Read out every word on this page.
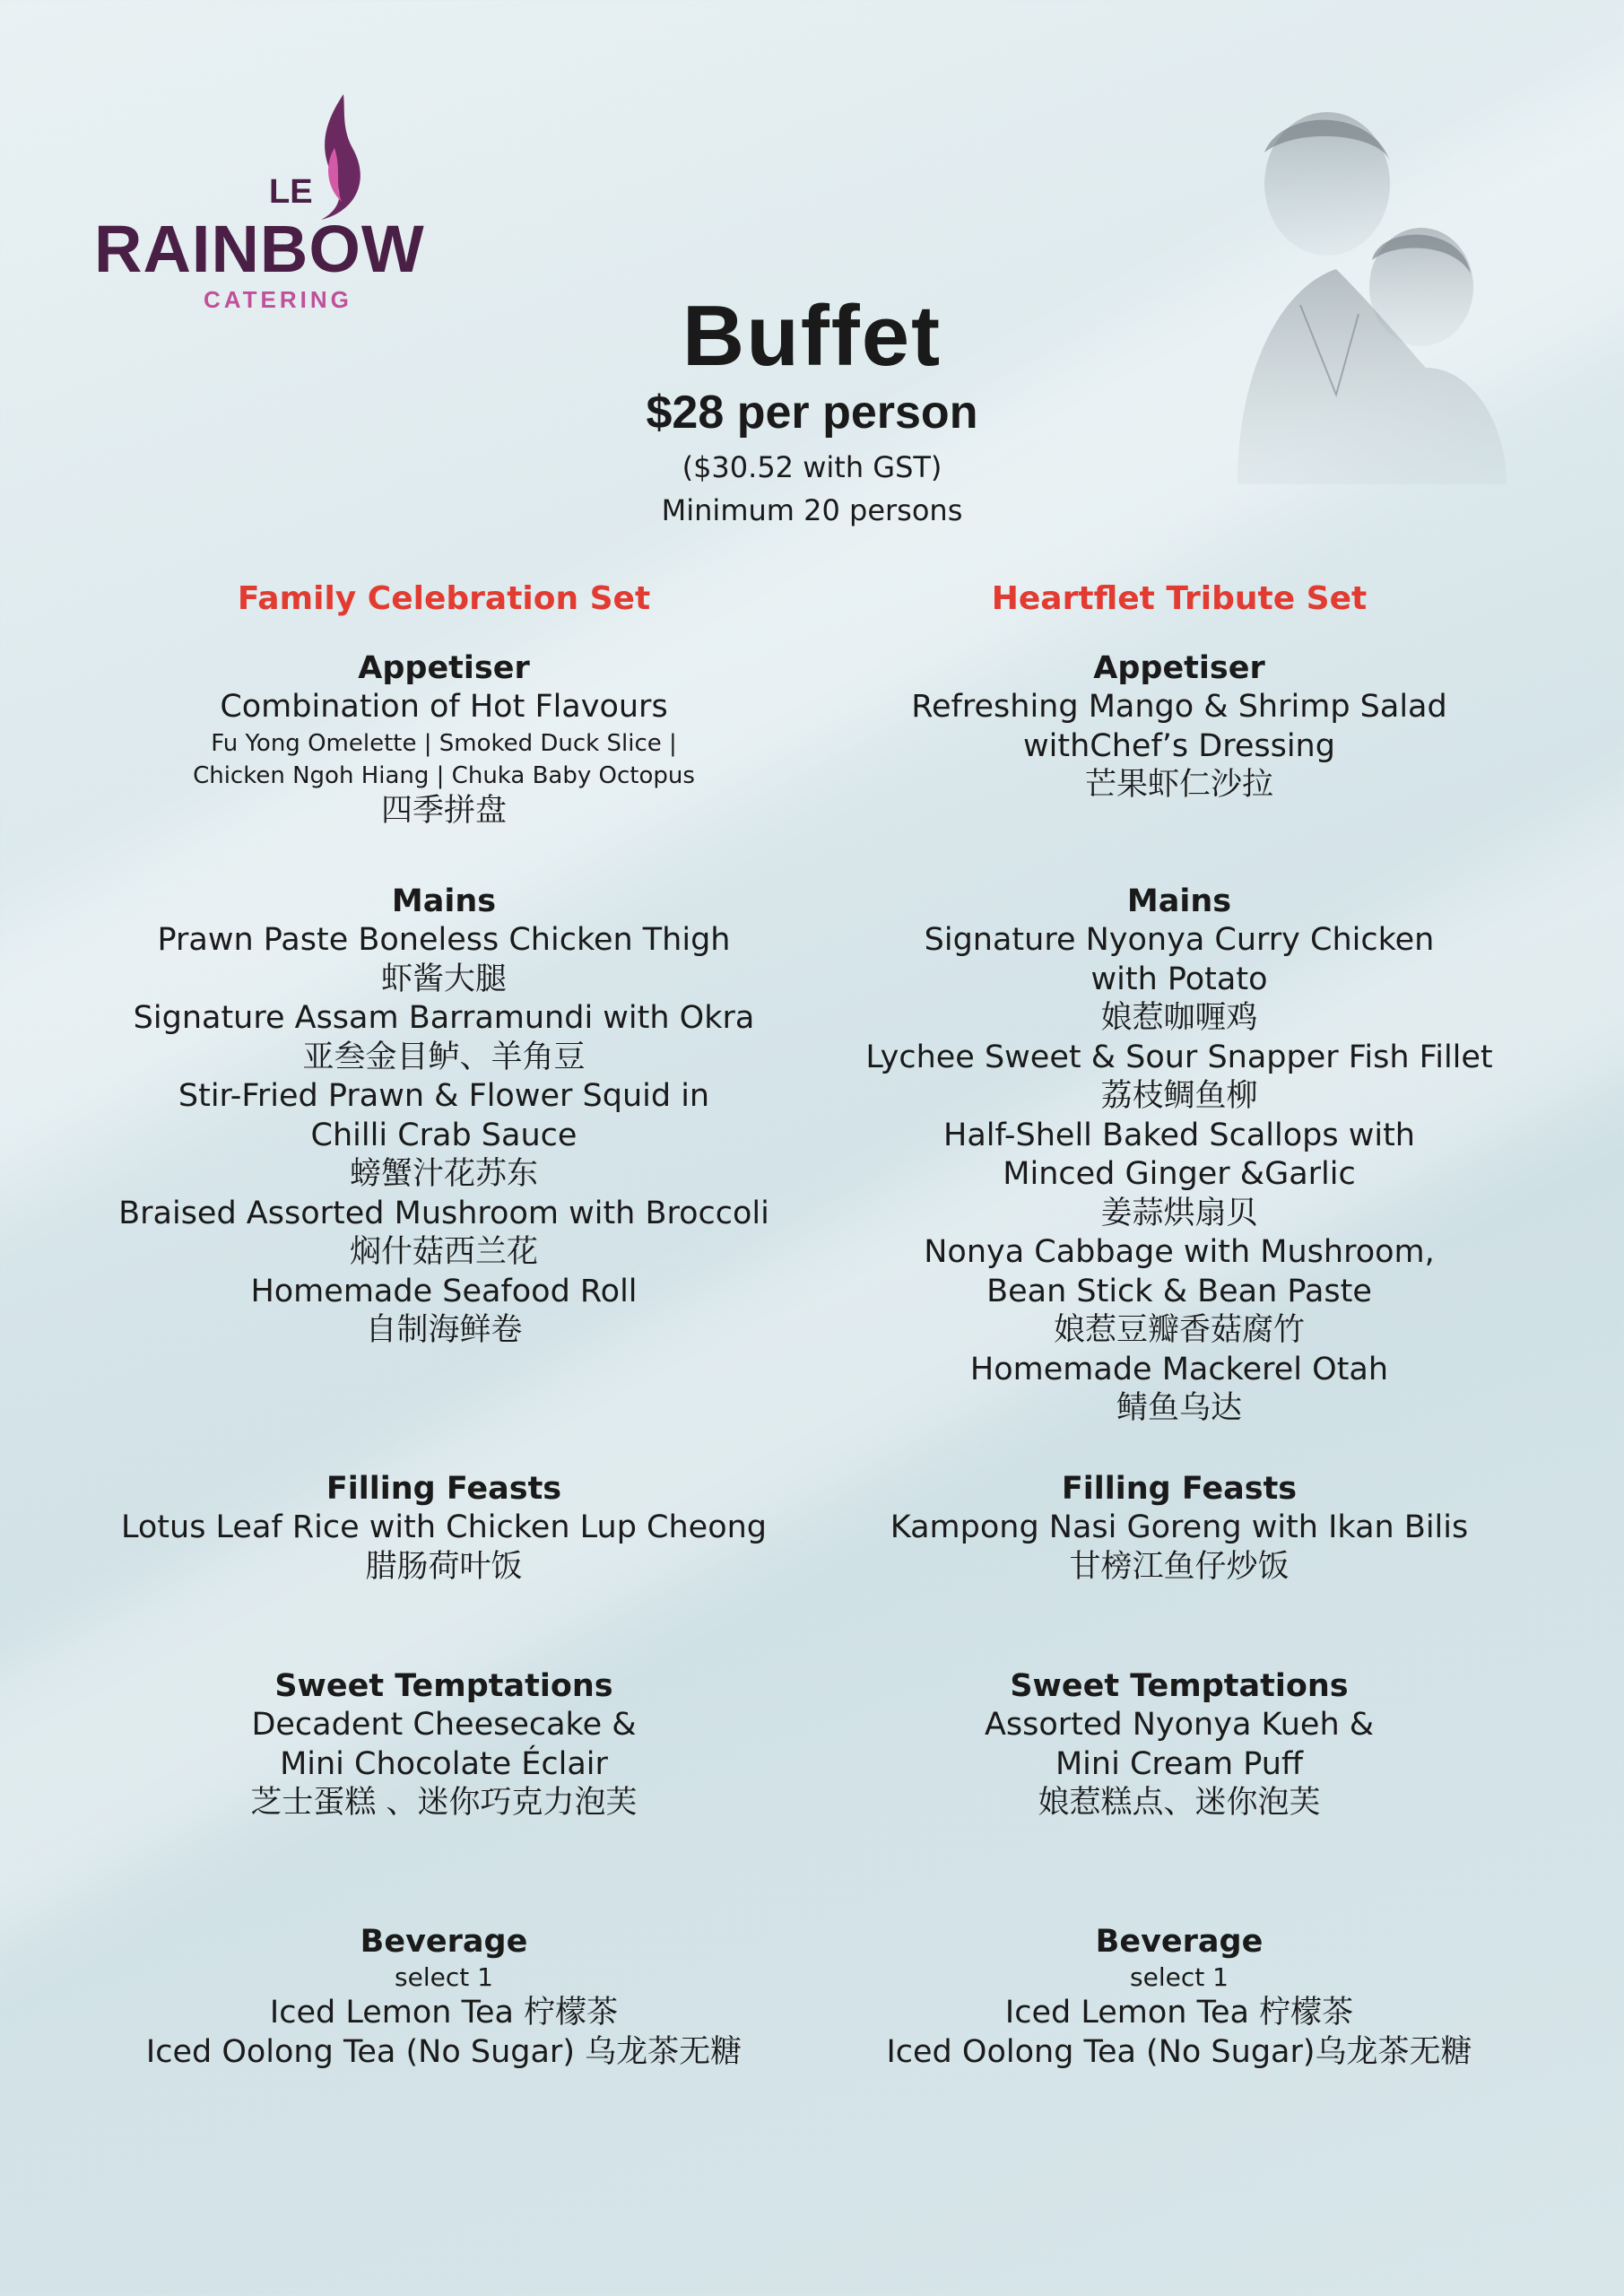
LE
RAINBOW
CATERING	Buffet
$28 per person
($30.52 with GST)
Minimum 20 persons
Family Celebration Set
Appetiser
Combination of Hot Flavours
Fu Yong Omelette | Smoked Duck Slice |
Chicken Ngoh Hiang | Chuka Baby Octopus
四季拼盘
Mains
Prawn Paste Boneless Chicken Thigh
虾酱大腿
Signature Assam Barramundi with Okra
亚叁金目鲈、羊角豆
Stir-Fried Prawn & Flower Squid in
Chilli Crab Sauce
螃蟹汁花苏东
Braised Assorted Mushroom with Broccoli
焖什菇西兰花
Homemade Seafood Roll
自制海鲜卷
Filling Feasts
Lotus Leaf Rice with Chicken Lup Cheong
腊肠荷叶饭
Sweet Temptations
Decadent Cheesecake &
Mini Chocolate Éclair
芝士蛋糕 、迷你巧克力泡芙
Beverage
select 1
Iced Lemon Tea 柠檬茶
Iced Oolong Tea (No Sugar) 乌龙茶无糖
Heartflet Tribute Set
Appetiser
Refreshing Mango & Shrimp Salad
withChef’s Dressing
芒果虾仁沙拉
Mains
Signature Nyonya Curry Chicken
with Potato
娘惹咖喱鸡
Lychee Sweet & Sour Snapper Fish Fillet
荔枝鲷鱼柳
Half-Shell Baked Scallops with
Minced Ginger &Garlic
姜蒜烘扇贝
Nonya Cabbage with Mushroom,
Bean Stick & Bean Paste
娘惹豆瓣香菇腐竹
Homemade Mackerel Otah
鲭鱼乌达
Filling Feasts
Kampong Nasi Goreng with Ikan Bilis
甘榜江鱼仔炒饭
Sweet Temptations
Assorted Nyonya Kueh &
Mini Cream Puff
娘惹糕点、迷你泡芙
Beverage
select 1
Iced Lemon Tea 柠檬茶
Iced Oolong Tea (No Sugar)乌龙茶无糖
